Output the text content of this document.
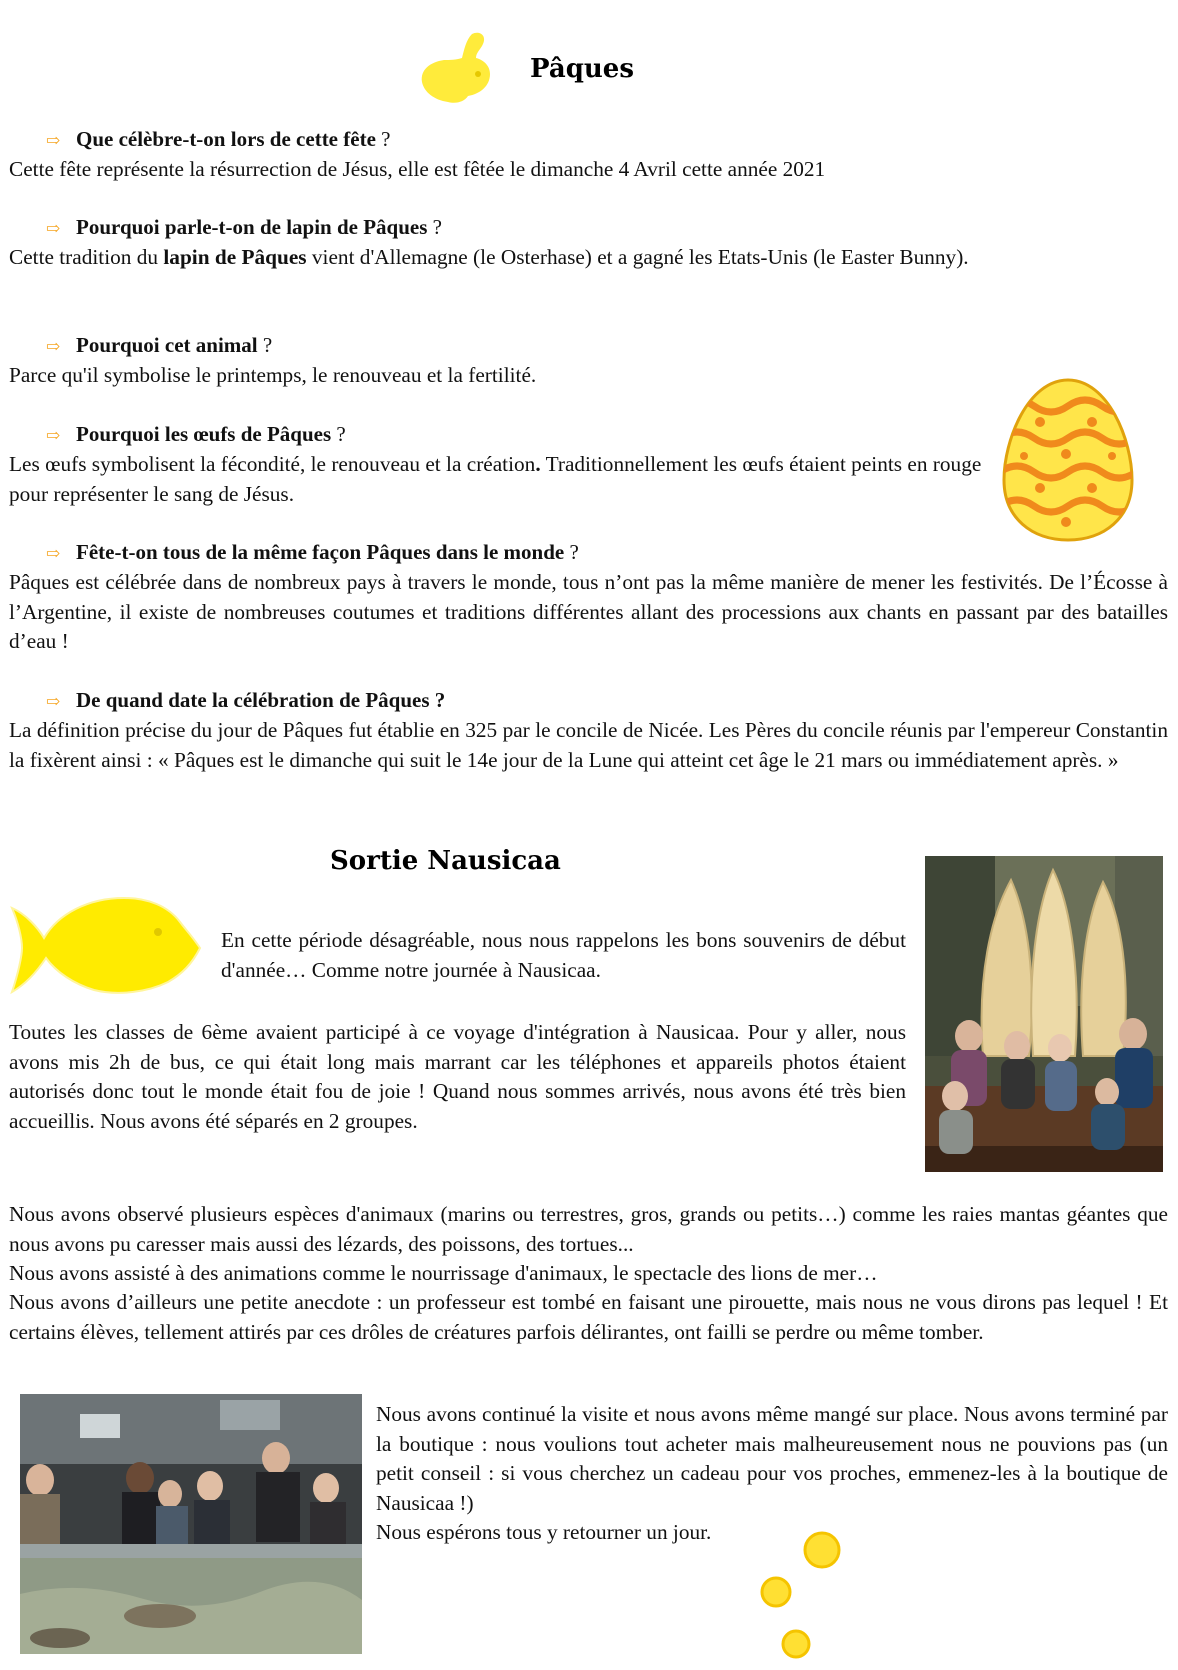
Pâques
⇨ Que célèbre-t-on lors de cette fête ?
Cette fête représente la résurrection de Jésus, elle est fêtée le dimanche 4 Avril cette année 2021
⇨ Pourquoi parle-t-on de lapin de Pâques ?
Cette tradition du lapin de Pâques vient d'Allemagne (le Osterhase) et a gagné les Etats-Unis (le Easter Bunny).
⇨ Pourquoi cet animal ?
Parce qu'il symbolise le printemps, le renouveau et la fertilité.
⇨ Pourquoi les œufs de Pâques ?
Les œufs symbolisent la fécondité, le renouveau et la création. Traditionnellement les œufs étaient peints en rouge pour représenter le sang de Jésus.
⇨ Fête-t-on tous de la même façon Pâques dans le monde ?
Pâques est célébrée dans de nombreux pays à travers le monde, tous n’ont pas la même manière de mener les festivités. De l’Écosse à l’Argentine, il existe de nombreuses coutumes et traditions différentes allant des processions aux chants en passant par des batailles d’eau !
⇨ De quand date la célébration de Pâques ?
La définition précise du jour de Pâques fut établie en 325 par le concile de Nicée. Les Pères du concile réunis par l'empereur Constantin la fixèrent ainsi : « Pâques est le dimanche qui suit le 14e jour de la Lune qui atteint cet âge le 21 mars ou immédiatement après. »
Sortie Nausicaa
En cette période désagréable, nous nous rappelons les bons souvenirs de début d'année… Comme notre journée à Nausicaa.
Toutes les classes de 6ème avaient participé à ce voyage d'intégration à Nausicaa. Pour y aller, nous avons mis 2h de bus, ce qui était long mais marrant car les téléphones et appareils photos étaient autorisés donc tout le monde était fou de joie ! Quand nous sommes arrivés, nous avons été très bien accueillis. Nous avons été séparés en 2 groupes.
Nous avons observé plusieurs espèces d'animaux (marins ou terrestres, gros, grands ou petits…) comme les raies mantas géantes que nous avons pu caresser mais aussi des lézards, des poissons, des tortues...
Nous avons assisté à des animations comme le nourrissage d'animaux, le spectacle des lions de mer…
Nous avons d’ailleurs une petite anecdote : un professeur est tombé en faisant une pirouette, mais nous ne vous dirons pas lequel ! Et certains élèves, tellement attirés par ces drôles de créatures parfois délirantes, ont failli se perdre ou même tomber.
Nous avons continué la visite et nous avons même mangé sur place. Nous avons terminé par la boutique : nous voulions tout acheter mais malheureusement nous ne pouvions pas (un petit conseil : si vous cherchez un cadeau pour vos proches, emmenez-les à la boutique de Nausicaa !)
Nous espérons tous y retourner un jour.
